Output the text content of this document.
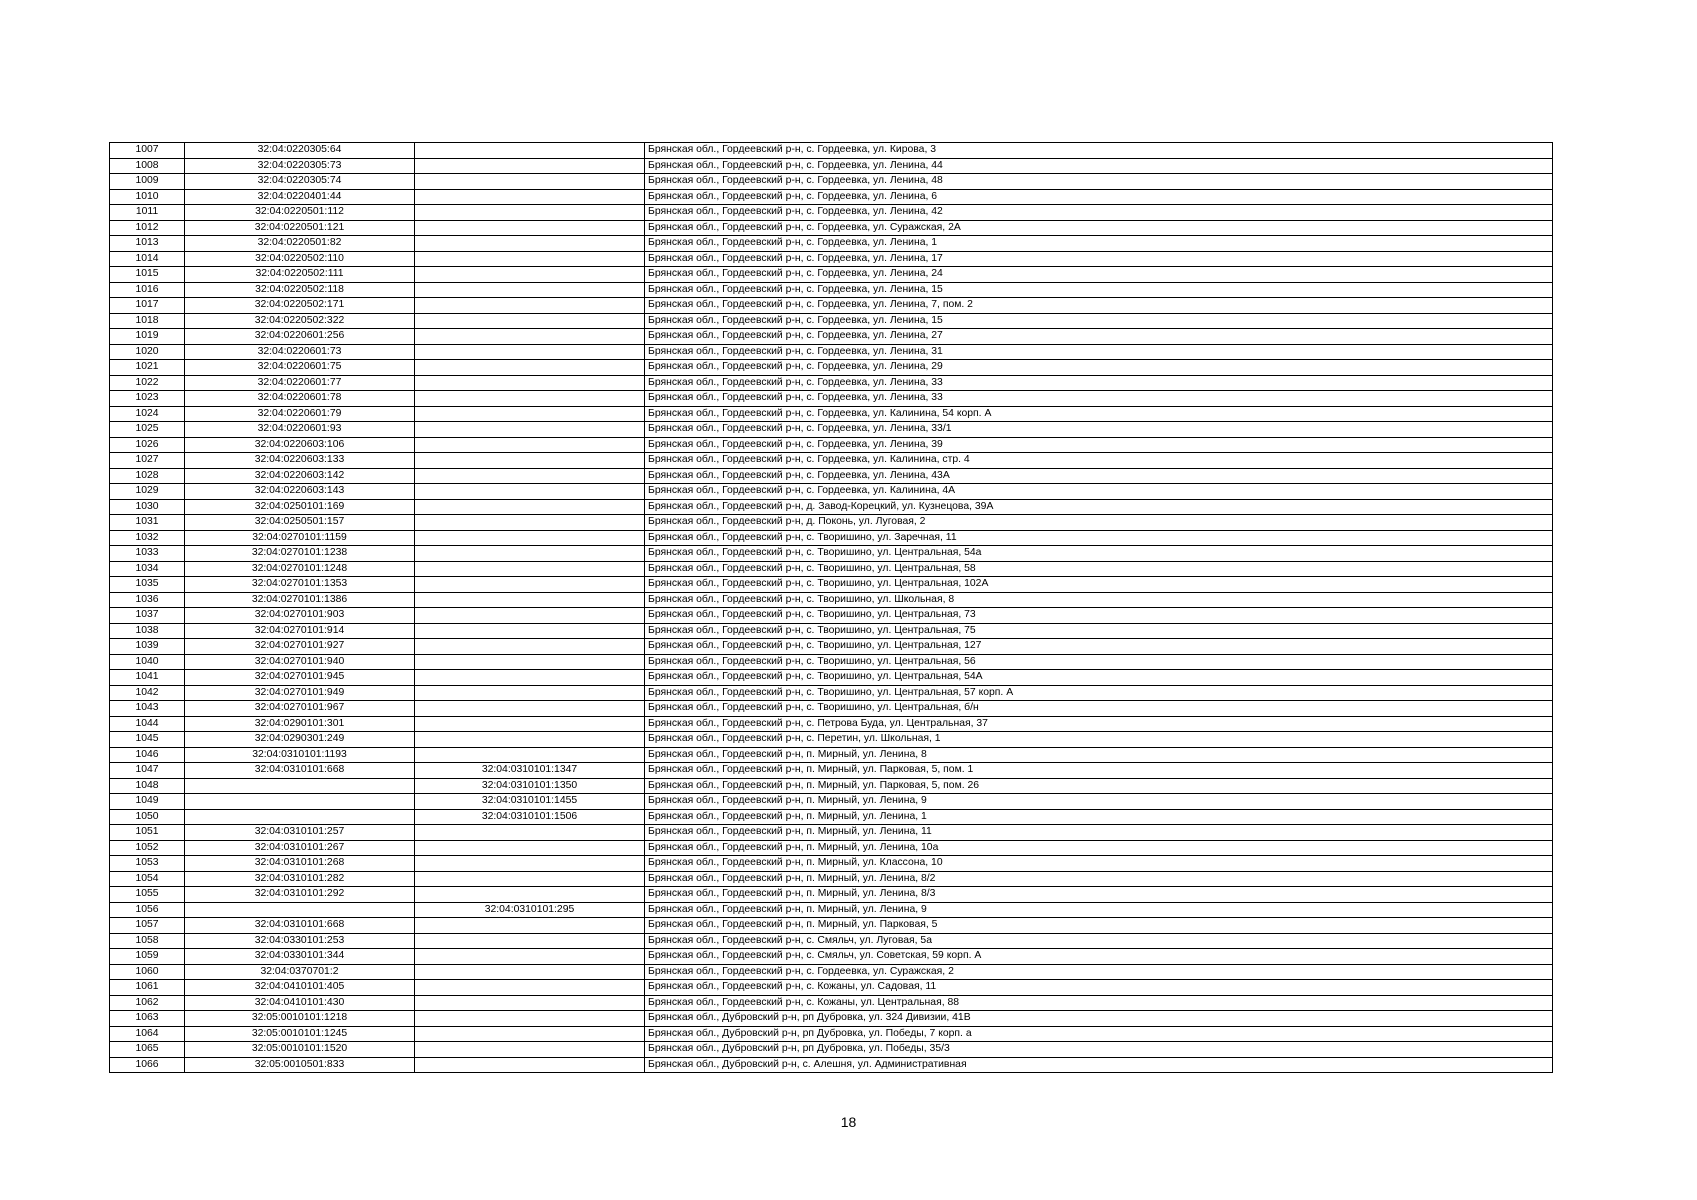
1007	32:04:0220305:64		Брянская обл., Гордеевский р-н, с. Гордеевка, ул. Кирова, 3
1008	32:04:0220305:73		Брянская обл., Гордеевский р-н, с. Гордеевка, ул. Ленина, 44
1009	32:04:0220305:74		Брянская обл., Гордеевский р-н, с. Гордеевка, ул. Ленина, 48
1010	32:04:0220401:44		Брянская обл., Гордеевский р-н, с. Гордеевка, ул. Ленина, 6
1011	32:04:0220501:112		Брянская обл., Гордеевский р-н, с. Гордеевка, ул. Ленина, 42
1012	32:04:0220501:121		Брянская обл., Гордеевский р-н, с. Гордеевка, ул. Суражская, 2А
1013	32:04:0220501:82		Брянская обл., Гордеевский р-н, с. Гордеевка, ул. Ленина, 1
1014	32:04:0220502:110		Брянская обл., Гордеевский р-н, с. Гордеевка, ул. Ленина, 17
1015	32:04:0220502:111		Брянская обл., Гордеевский р-н, с. Гордеевка, ул. Ленина, 24
1016	32:04:0220502:118		Брянская обл., Гордеевский р-н, с. Гордеевка, ул. Ленина, 15
1017	32:04:0220502:171		Брянская обл., Гордеевский р-н, с. Гордеевка, ул. Ленина, 7, пом. 2
1018	32:04:0220502:322		Брянская обл., Гордеевский р-н, с. Гордеевка, ул. Ленина, 15
1019	32:04:0220601:256		Брянская обл., Гордеевский р-н, с. Гордеевка, ул. Ленина, 27
1020	32:04:0220601:73		Брянская обл., Гордеевский р-н, с. Гордеевка, ул. Ленина, 31
1021	32:04:0220601:75		Брянская обл., Гордеевский р-н, с. Гордеевка, ул. Ленина, 29
1022	32:04:0220601:77		Брянская обл., Гордеевский р-н, с. Гордеевка, ул. Ленина, 33
1023	32:04:0220601:78		Брянская обл., Гордеевский р-н, с. Гордеевка, ул. Ленина, 33
1024	32:04:0220601:79		Брянская обл., Гордеевский р-н, с. Гордеевка, ул. Калинина, 54 корп. А
1025	32:04:0220601:93		Брянская обл., Гордеевский р-н, с. Гордеевка, ул. Ленина, 33/1
1026	32:04:0220603:106		Брянская обл., Гордеевский р-н, с. Гордеевка, ул. Ленина, 39
1027	32:04:0220603:133		Брянская обл., Гордеевский р-н, с. Гордеевка, ул. Калинина, стр. 4
1028	32:04:0220603:142		Брянская обл., Гордеевский р-н, с. Гордеевка, ул. Ленина, 43А
1029	32:04:0220603:143		Брянская обл., Гордеевский р-н, с. Гордеевка, ул. Калинина, 4А
1030	32:04:0250101:169		Брянская обл., Гордеевский р-н, д. Завод-Корецкий, ул. Кузнецова, 39А
1031	32:04:0250501:157		Брянская обл., Гордеевский р-н, д. Поконь, ул. Луговая, 2
1032	32:04:0270101:1159		Брянская обл., Гордеевский р-н, с. Творишино, ул. Заречная, 11
1033	32:04:0270101:1238		Брянская обл., Гордеевский р-н, с. Творишино, ул. Центральная, 54а
1034	32:04:0270101:1248		Брянская обл., Гордеевский р-н, с. Творишино, ул. Центральная, 58
1035	32:04:0270101:1353		Брянская обл., Гордеевский р-н, с. Творишино, ул. Центральная, 102А
1036	32:04:0270101:1386		Брянская обл., Гордеевский р-н, с. Творишино, ул. Школьная, 8
1037	32:04:0270101:903		Брянская обл., Гордеевский р-н, с. Творишино, ул. Центральная, 73
1038	32:04:0270101:914		Брянская обл., Гордеевский р-н, с. Творишино, ул. Центральная, 75
1039	32:04:0270101:927		Брянская обл., Гордеевский р-н, с. Творишино, ул. Центральная, 127
1040	32:04:0270101:940		Брянская обл., Гордеевский р-н, с. Творишино, ул. Центральная, 56
1041	32:04:0270101:945		Брянская обл., Гордеевский р-н, с. Творишино, ул. Центральная, 54А
1042	32:04:0270101:949		Брянская обл., Гордеевский р-н, с. Творишино, ул. Центральная, 57 корп. А
1043	32:04:0270101:967		Брянская обл., Гордеевский р-н, с. Творишино, ул. Центральная, б/н
1044	32:04:0290101:301		Брянская обл., Гордеевский р-н, с. Петрова Буда, ул. Центральная, 37
1045	32:04:0290301:249		Брянская обл., Гордеевский р-н, с. Перетин, ул. Школьная, 1
1046	32:04:0310101:1193		Брянская обл., Гордеевский р-н, п. Мирный, ул. Ленина, 8
1047	32:04:0310101:668	32:04:0310101:1347	Брянская обл., Гордеевский р-н, п. Мирный, ул. Парковая, 5, пом. 1
1048		32:04:0310101:1350	Брянская обл., Гордеевский р-н, п. Мирный, ул. Парковая, 5, пом. 26
1049		32:04:0310101:1455	Брянская обл., Гордеевский р-н, п. Мирный, ул. Ленина, 9
1050		32:04:0310101:1506	Брянская обл., Гордеевский р-н, п. Мирный, ул. Ленина, 1
1051	32:04:0310101:257		Брянская обл., Гордеевский р-н, п. Мирный, ул. Ленина, 11
1052	32:04:0310101:267		Брянская обл., Гордеевский р-н, п. Мирный, ул. Ленина, 10а
1053	32:04:0310101:268		Брянская обл., Гордеевский р-н, п. Мирный, ул. Классона, 10
1054	32:04:0310101:282		Брянская обл., Гордеевский р-н, п. Мирный, ул. Ленина, 8/2
1055	32:04:0310101:292		Брянская обл., Гордеевский р-н, п. Мирный, ул. Ленина, 8/3
1056		32:04:0310101:295	Брянская обл., Гордеевский р-н, п. Мирный, ул. Ленина, 9
1057	32:04:0310101:668		Брянская обл., Гордеевский р-н, п. Мирный, ул. Парковая, 5
1058	32:04:0330101:253		Брянская обл., Гордеевский р-н, с. Смяльч, ул. Луговая, 5а
1059	32:04:0330101:344		Брянская обл., Гордеевский р-н, с. Смяльч, ул. Советская, 59 корп. А
1060	32:04:0370701:2		Брянская обл., Гордеевский р-н, с. Гордеевка, ул. Суражская, 2
1061	32:04:0410101:405		Брянская обл., Гордеевский р-н, с. Кожаны, ул. Садовая, 11
1062	32:04:0410101:430		Брянская обл., Гордеевский р-н, с. Кожаны, ул. Центральная, 88
1063	32:05:0010101:1218		Брянская обл., Дубровский р-н, рп Дубровка, ул. 324 Дивизии, 41В
1064	32:05:0010101:1245		Брянская обл., Дубровский р-н, рп Дубровка, ул. Победы, 7 корп. а
1065	32:05:0010101:1520		Брянская обл., Дубровский р-н, рп Дубровка, ул. Победы, 35/3
1066	32:05:0010501:833		Брянская обл., Дубровский р-н, с. Алешня, ул. Административная
18
